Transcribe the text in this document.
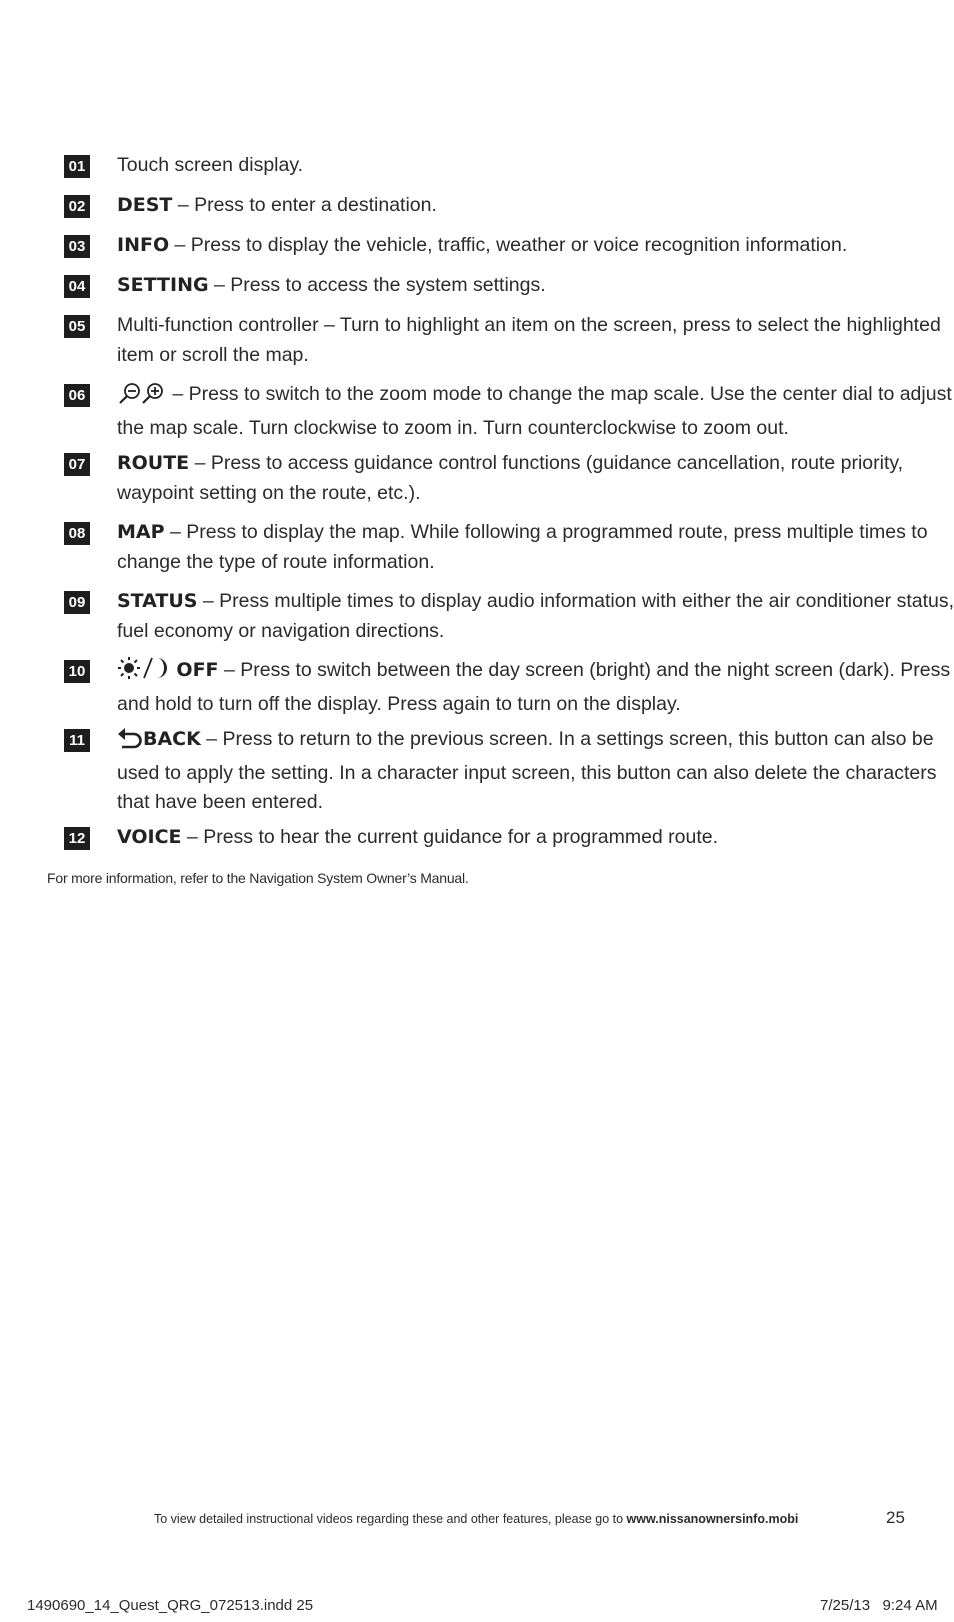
01 Touch screen display.
02 DEST – Press to enter a destination.
03 INFO – Press to display the vehicle, traffic, weather or voice recognition information.
04 SETTING – Press to access the system settings.
05 Multi-function controller – Turn to highlight an item on the screen, press to select the highlighted item or scroll the map.
06	– Press to switch to the zoom mode to change the map scale. Use the center dial to adjust the map scale. Turn clockwise to zoom in. Turn counterclockwise to zoom out.
07 ROUTE – Press to access guidance control functions (guidance cancellation, route priority, waypoint setting on the route, etc.).
08 MAP – Press to display the map. While following a programmed route, press multiple times to change the type of route information.
09 STATUS – Press multiple times to display audio information with either the air conditioner status, fuel economy or navigation directions.
10	OFF – Press to switch between the day screen (bright) and the night screen (dark). Press and hold to turn off the display. Press again to turn on the display.
11	BACK – Press to return to the previous screen. In a settings screen, this button can also be used to apply the setting. In a character input screen, this button can also delete the characters that have been entered.
12 VOICE – Press to hear the current guidance for a programmed route.
For more information, refer to the Navigation System Owner’s Manual.
To view detailed instructional videos regarding these and other features, please go to www.nissanownersinfo.mobi	25
1490690_14_Quest_QRG_072513.indd 25	7/25/13   9:24 AM
